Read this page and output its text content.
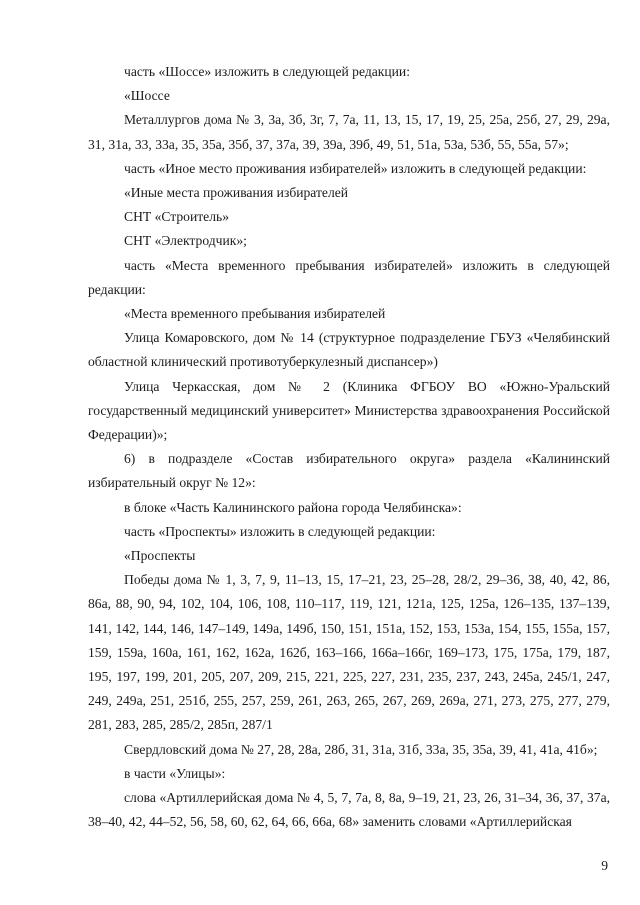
часть «Шоссе» изложить в следующей редакции:

«Шоссе

Металлургов дома № 3, 3а, 3б, 3г, 7, 7а, 11, 13, 15, 17, 19, 25, 25а, 25б, 27, 29, 29а, 31, 31а, 33, 33а, 35, 35а, 35б, 37, 37а, 39, 39а, 39б, 49, 51, 51а, 53а, 53б, 55, 55а, 57»;

часть «Иное место проживания избирателей» изложить в следующей редакции:

«Иные места проживания избирателей

СНТ «Строитель»

СНТ «Электродчик»;

часть «Места временного пребывания избирателей» изложить в следующей редакции:

«Места временного пребывания избирателей

Улица Комаровского, дом № 14 (структурное подразделение ГБУЗ «Челябинский областной клинический противотуберкулезный диспансер»)

Улица Черкасская, дом № 2 (Клиника ФГБОУ ВО «Южно-Уральский государственный медицинский университет» Министерства здравоохранения Российской Федерации)»;

6) в подразделе «Состав избирательного округа» раздела «Калининский избирательный округ № 12»:

в блоке «Часть Калининского района города Челябинска»:

часть «Проспекты» изложить в следующей редакции:

«Проспекты

Победы дома № 1, 3, 7, 9, 11–13, 15, 17–21, 23, 25–28, 28/2, 29–36, 38, 40, 42, 86, 86а, 88, 90, 94, 102, 104, 106, 108, 110–117, 119, 121, 121а, 125, 125а, 126–135, 137–139, 141, 142, 144, 146, 147–149, 149а, 149б, 150, 151, 151а, 152, 153, 153а, 154, 155, 155а, 157, 159, 159а, 160а, 161, 162, 162а, 162б, 163–166, 166а–166г, 169–173, 175, 175а, 179, 187, 195, 197, 199, 201, 205, 207, 209, 215, 221, 225, 227, 231, 235, 237, 243, 245а, 245/1, 247, 249, 249а, 251, 251б, 255, 257, 259, 261, 263, 265, 267, 269, 269а, 271, 273, 275, 277, 279, 281, 283, 285, 285/2, 285п, 287/1

Свердловский дома № 27, 28, 28а, 28б, 31, 31а, 31б, 33а, 35, 35а, 39, 41, 41а, 41б»;

в части «Улицы»:

слова «Артиллерийская дома № 4, 5, 7, 7а, 8, 8а, 9–19, 21, 23, 26, 31–34, 36, 37, 37а, 38–40, 42, 44–52, 56, 58, 60, 62, 64, 66, 66а, 68» заменить словами «Артиллерийская

9
